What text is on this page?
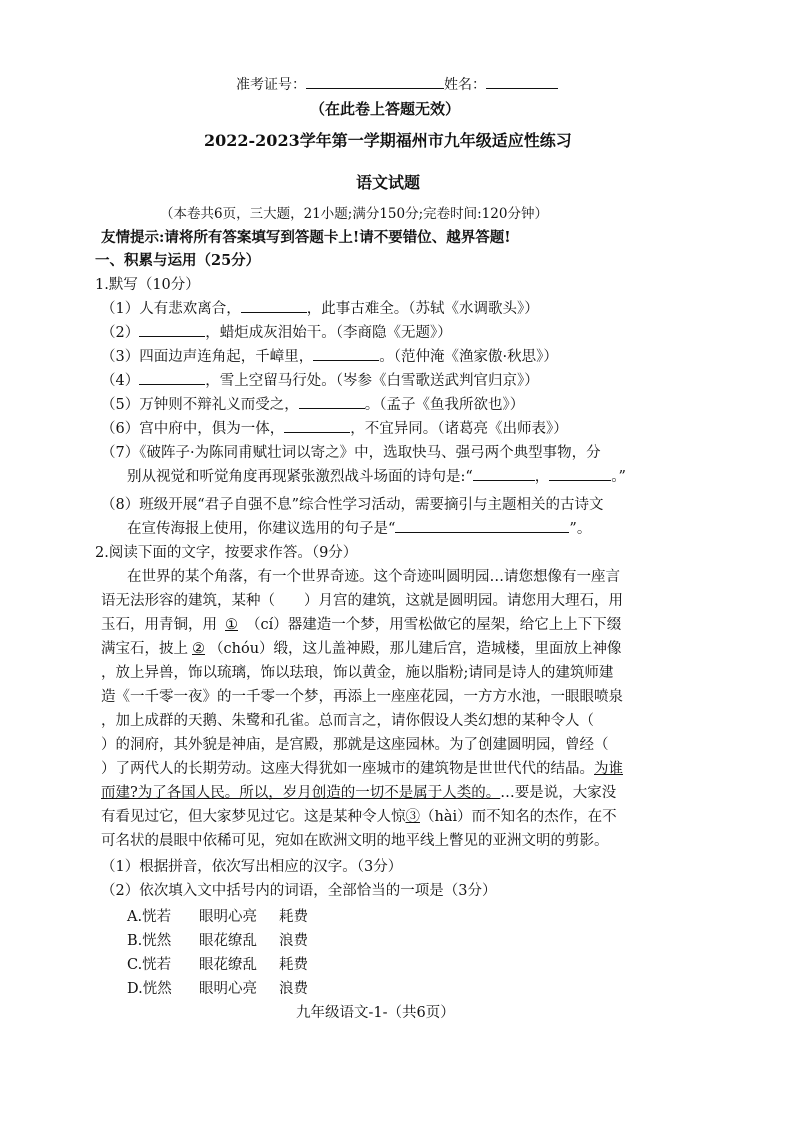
准考证号：	姓名：
（在此卷上答题无效）
2022-2023学年第一学期福州市九年级适应性练习
语文试题
（本卷共6页，三大题，21小题;满分150分;完卷时间:120分钟）
友情提示:请将所有答案填写到答题卡上!请不要错位、越界答题!
一、积累与运用（25分）
1.默写（10分）
（1）人有悲欢离合，	，此事古难全。（苏轼《水调歌头》）
（2）	，蜡炬成灰泪始干。（李商隐《无题》）
（3）四面边声连角起，千嶂里，	。（范仲淹《渔家傲·秋思》）
（4）	，雪上空留马行处。（岑参《白雪歌送武判官归京》）
（5）万钟则不辩礼义而受之，	。（孟子《鱼我所欲也》）
（6）宫中府中，俱为一体，	，不宜异同。（诸葛亮《出师表》）
（7）《破阵子·为陈同甫赋壮词以寄之》中，选取快马、强弓两个典型事物，分
别从视觉和听觉角度再现紧张激烈战斗场面的诗句是:“	，	。”
（8）班级开展“君子自强不息”综合性学习活动，需要摘引与主题相关的古诗文
在宣传海报上使用，你建议选用的句子是“	”。
2.阅读下面的文字，按要求作答。（9分）
在世界的某个角落，有一个世界奇迹。这个奇迹叫圆明园…请您想像有一座言
语无法形容的建筑，某种（　　）月宫的建筑，这就是圆明园。请您用大理石，用
玉石，用青铜，用 ① （cí）器建造一个梦，用雪松做它的屋架，给它上上下下缀
满宝石，披上 ② （chóu）缎，这儿盖神殿，那儿建后宫，造城楼，里面放上神像
，放上异兽，饰以琉璃，饰以珐琅，饰以黄金，施以脂粉;请同是诗人的建筑师建
造《一千零一夜》的一千零一个梦，再添上一座座花园，一方方水池，一眼眼喷泉
，加上成群的天鹅、朱鹭和孔雀。总而言之，请你假设人类幻想的某种令人（
）的洞府，其外貌是神庙，是宫殿，那就是这座园林。为了创建圆明园，曾经（
）了两代人的长期劳动。这座大得犹如一座城市的建筑物是世世代代的结晶。为谁
而建?为了各国人民。所以，岁月创造的一切不是属于人类的。…要是说，大家没
有看见过它，但大家梦见过它。这是某种令人惊③（hài）而不知名的杰作，在不
可名状的晨眼中依稀可见，宛如在欧洲文明的地平线上瞥见的亚洲文明的剪影。
（1）根据拼音，依次写出相应的汉字。（3分）
（2）依次填入文中括号内的词语，全部恰当的一项是（3分）
A.恍若 眼明心亮 耗费
B.恍然 眼花缭乱 浪费
C.恍若 眼花缭乱 耗费
D.恍然 眼明心亮 浪费
九年级语文-1-（共6页）
